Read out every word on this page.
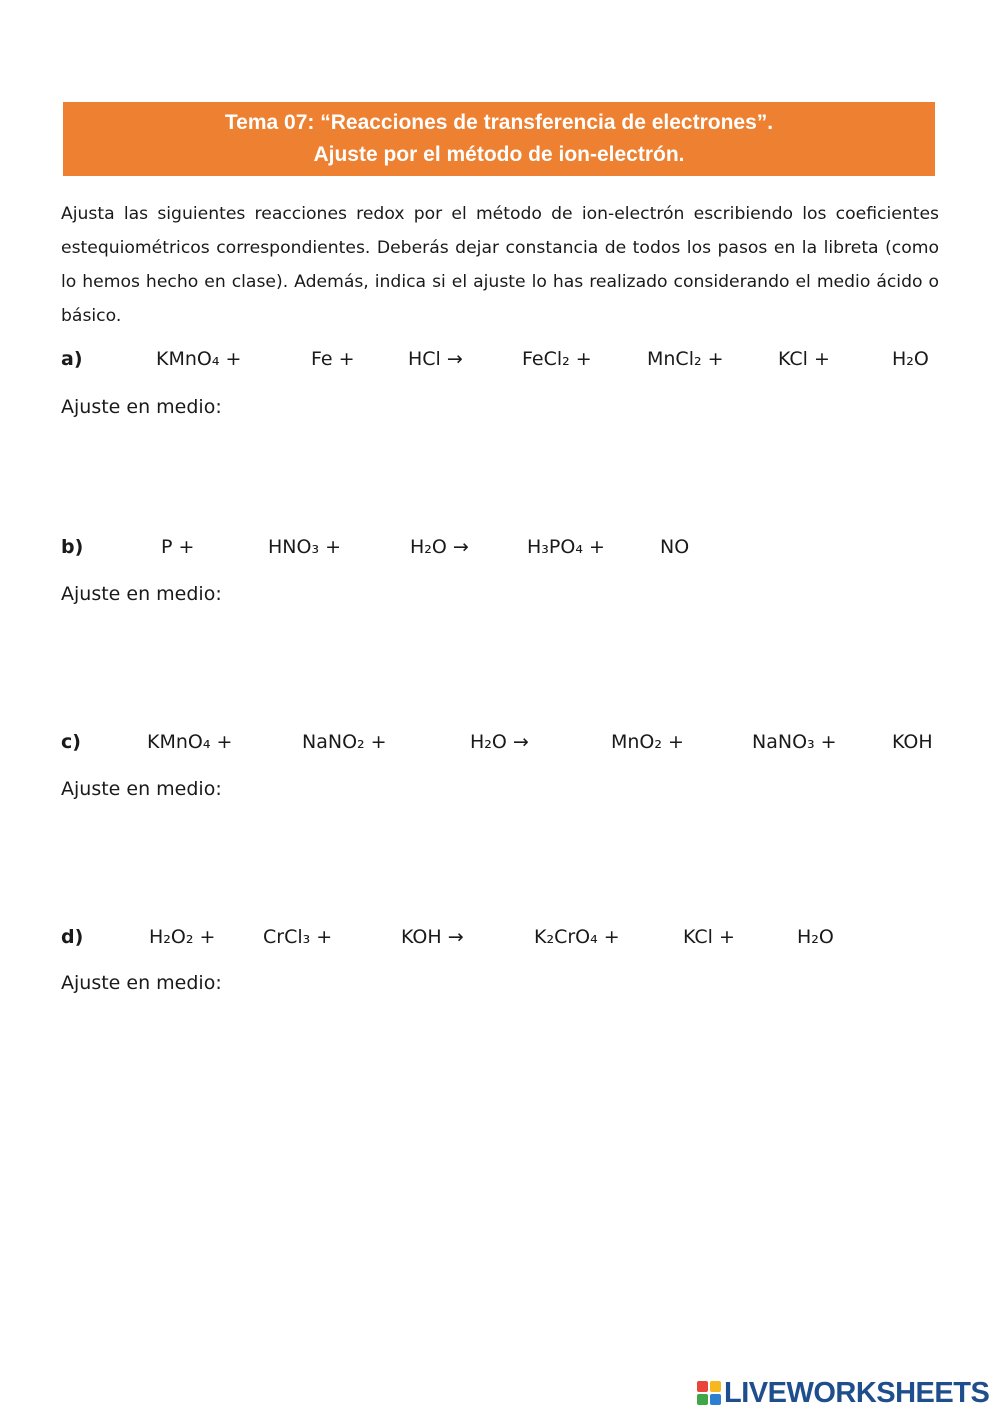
Tema 07: “Reacciones de transferencia de electrones”.
Ajuste por el método de ion-electrón.
Ajusta las siguientes reacciones redox por el método de ion-electrón escribiendo los coeficientes estequiométricos correspondientes. Deberás dejar constancia de todos los pasos en la libreta (como lo hemos hecho en clase). Además, indica si el ajuste lo has realizado considerando el medio ácido o básico.
a)	KMnO₄ +	Fe +	HCl →	FeCl₂ +	MnCl₂ +	KCl +	H₂O
Ajuste en medio:
b)	P +	HNO₃ +	H₂O →	H₃PO₄ +	NO
Ajuste en medio:
c)	KMnO₄ +	NaNO₂ +	H₂O →	MnO₂ +	NaNO₃ +	KOH
Ajuste en medio:
d)	H₂O₂ +	CrCl₃ +	KOH →	K₂CrO₄ +	KCl +	H₂O
Ajuste en medio:
LIVEWORKSHEETS
